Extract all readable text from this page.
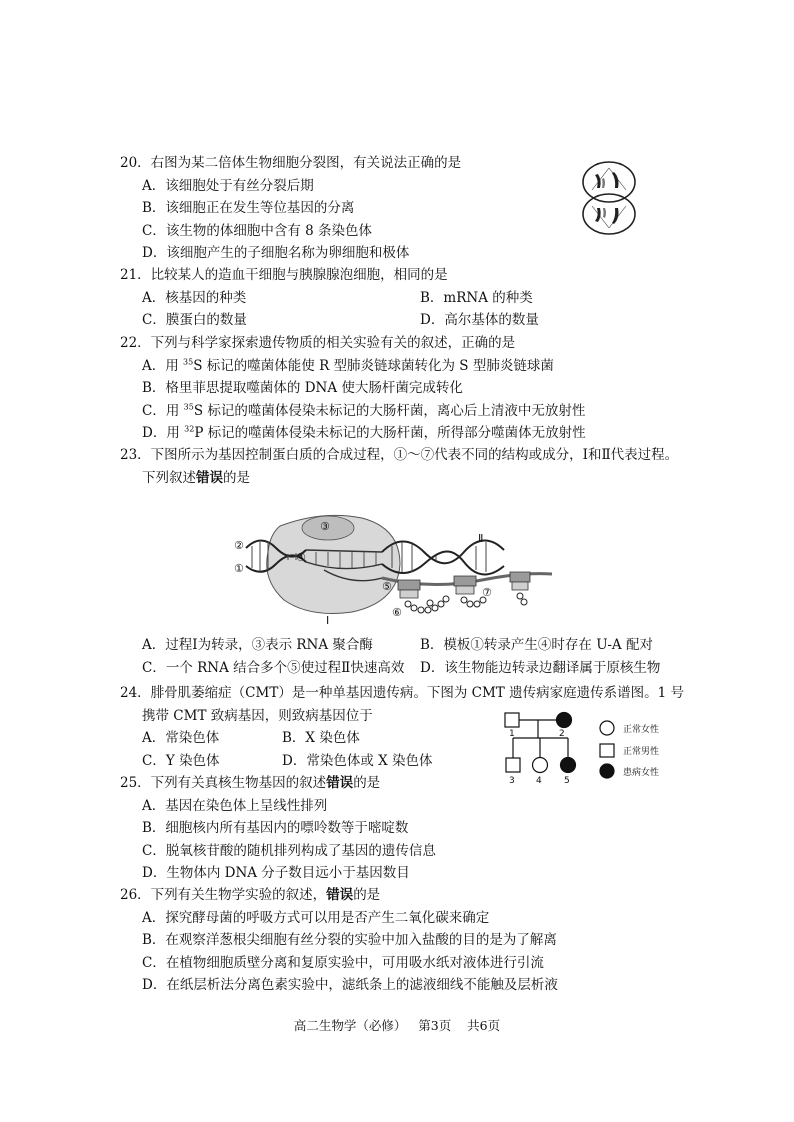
20．右图为某二倍体生物细胞分裂图，有关说法正确的是
A．该细胞处于有丝分裂后期
B．该细胞正在发生等位基因的分离
C．该生物的体细胞中含有 8 条染色体
D．该细胞产生的子细胞名称为卵细胞和极体
21．比较某人的造血干细胞与胰腺腺泡细胞，相同的是
A．核基因的种类	B．mRNA 的种类
C．膜蛋白的数量	D．高尔基体的数量
22．下列与科学家探索遗传物质的相关实验有关的叙述，正确的是
A．用 $^{35}$S 标记的噬菌体能使 R 型肺炎链球菌转化为 S 型肺炎链球菌
B．格里菲思提取噬菌体的 DNA 使大肠杆菌完成转化
C．用 $^{35}$S 标记的噬菌体侵染未标记的大肠杆菌，离心后上清液中无放射性
D．用 $^{32}$P 标记的噬菌体侵染未标记的大肠杆菌，所得部分噬菌体无放射性
23．下图所示为基因控制蛋白质的合成过程，①～⑦代表不同的结构或成分，Ⅰ和Ⅱ代表过程。
下列叙述错误的是
③
②
④
①
⑤
⑥
⑦
Ⅰ
Ⅱ
A．过程Ⅰ为转录，③表示 RNA 聚合酶	B．模板①转录产生④时存在 U-A 配对
C．一个 RNA 结合多个⑤使过程Ⅱ快速高效	D．该生物能边转录边翻译属于原核生物
24．腓骨肌萎缩症（CMT）是一种单基因遗传病。下图为 CMT 遗传病家庭遗传系谱图。1 号
携带 CMT 致病基因，则致病基因位于
A．常染色体	B．X 染色体
C．Y 染色体	D．常染色体或 X 染色体
1	2
3 4 5
正常女性
正常男性
患病女性
25．下列有关真核生物基因的叙述错误的是
A．基因在染色体上呈线性排列
B．细胞核内所有基因内的嘌呤数等于嘧啶数
C．脱氧核苷酸的随机排列构成了基因的遗传信息
D．生物体内 DNA 分子数目远小于基因数目
26．下列有关生物学实验的叙述，错误的是
A．探究酵母菌的呼吸方式可以用是否产生二氧化碳来确定
B．在观察洋葱根尖细胞有丝分裂的实验中加入盐酸的目的是为了解离
C．在植物细胞质壁分离和复原实验中，可用吸水纸对液体进行引流
D．在纸层析法分离色素实验中，滤纸条上的滤液细线不能触及层析液
高二生物学（必修）   第3页    共6页
